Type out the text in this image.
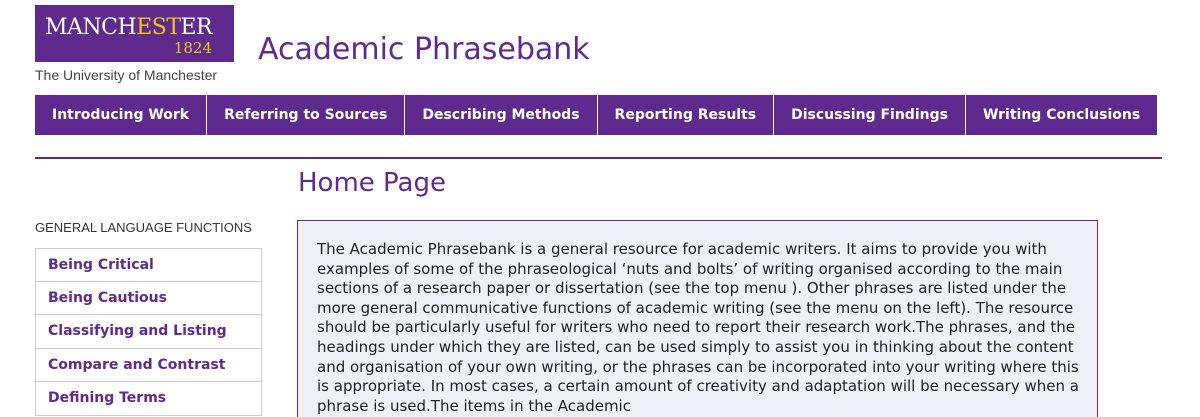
MANCHESTER
1824
The University of Manchester
Academic Phrasebank
Introducing Work	Referring to Sources	Describing Methods	Reporting Results	Discussing Findings	Writing Conclusions
Home Page
GENERAL LANGUAGE FUNCTIONS
Being Critical
Being Cautious
Classifying and Listing
Compare and Contrast
Defining Terms

The Academic Phrasebank is a general resource for academic writers. It aims to provide you with examples of some of the phraseological ‘nuts and bolts’ of writing organised according to the main sections of a research paper or dissertation (see the top menu ). Other phrases are listed under the more general communicative functions of academic writing (see the menu on the left). The resource should be particularly useful for writers who need to report their research work.The phrases, and the headings under which they are listed, can be used simply to assist you in thinking about the content and organisation of your own writing, or the phrases can be incorporated into your writing where this is appropriate. In most cases, a certain amount of creativity and adaptation will be necessary when a phrase is used.The items in the Academic
